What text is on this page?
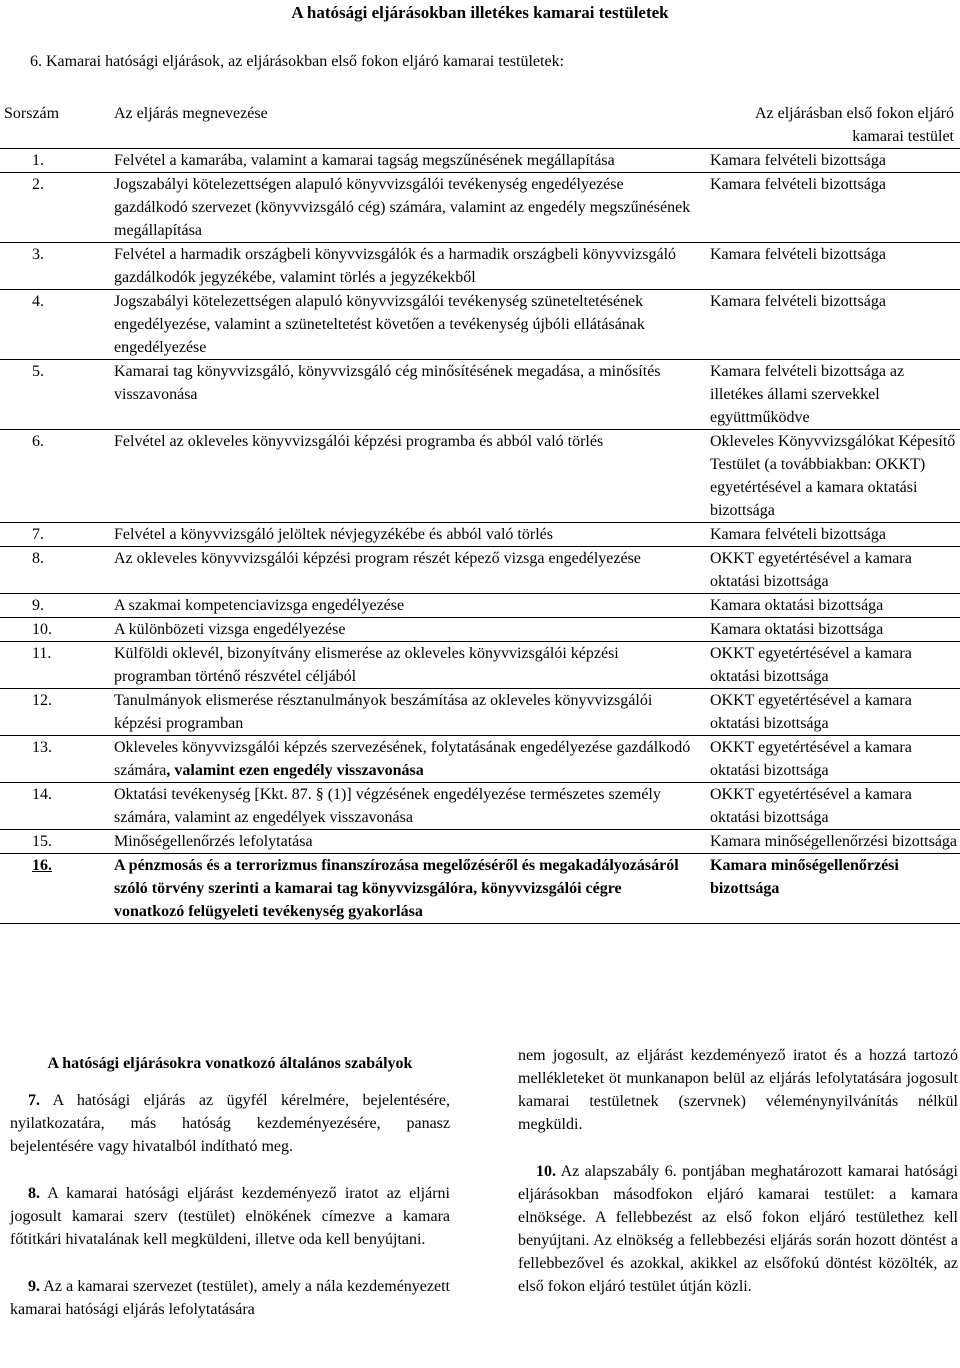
A hatósági eljárásokban illetékes kamarai testületek
6. Kamarai hatósági eljárások, az eljárásokban első fokon eljáró kamarai testületek:
Sorszám	Az eljárás megnevezése	Az eljárásban első fokon eljáró kamarai testület
1.	Felvétel a kamarába, valamint a kamarai tagság megszűnésének megállapítása	Kamara felvételi bizottsága
2.	Jogszabályi kötelezettségen alapuló könyvvizsgálói tevékenység engedélyezése gazdálkodó szervezet (könyvvizsgáló cég) számára, valamint az engedély megszűnésének megállapítása	Kamara felvételi bizottsága
3.	Felvétel a harmadik országbeli könyvvizsgálók és a harmadik országbeli könyvvizsgáló gazdálkodók jegyzékébe, valamint törlés a jegyzékekből	Kamara felvételi bizottsága
4.	Jogszabályi kötelezettségen alapuló könyvvizsgálói tevékenység szüneteltetésének engedélyezése, valamint a szüneteltetést követően a tevékenység újbóli ellátásának engedélyezése	Kamara felvételi bizottsága
5.	Kamarai tag könyvvizsgáló, könyvvizsgáló cég minősítésének megadása, a minősítés visszavonása	Kamara felvételi bizottsága az illetékes állami szervekkel együttműködve
6.	Felvétel az okleveles könyvvizsgálói képzési programba és abból való törlés	Okleveles Könyvvizsgálókat Képesítő Testület (a továbbiakban: OKKT) egyetértésével a kamara oktatási bizottsága
7.	Felvétel a könyvvizsgáló jelöltek névjegyzékébe és abból való törlés	Kamara felvételi bizottsága
8.	Az okleveles könyvvizsgálói képzési program részét képező vizsga engedélyezése	OKKT egyetértésével a kamara oktatási bizottsága
9.	A szakmai kompetenciavizsga engedélyezése	Kamara oktatási bizottsága
10.	A különbözeti vizsga engedélyezése	Kamara oktatási bizottsága
11.	Külföldi oklevél, bizonyítvány elismerése az okleveles könyvvizsgálói képzési programban történő részvétel céljából	OKKT egyetértésével a kamara oktatási bizottsága
12.	Tanulmányok elismerése résztanulmányok beszámítása az okleveles könyvvizsgálói képzési programban	OKKT egyetértésével a kamara oktatási bizottsága
13.	Okleveles könyvvizsgálói képzés szervezésének, folytatásának engedélyezése gazdálkodó számára, valamint ezen engedély visszavonása	OKKT egyetértésével a kamara oktatási bizottsága
14.	Oktatási tevékenység [Kkt. 87. § (1)] végzésének engedélyezése természetes személy számára, valamint az engedélyek visszavonása	OKKT egyetértésével a kamara oktatási bizottsága
15.	Minőségellenőrzés lefolytatása	Kamara minőségellenőrzési bizottsága
16.	A pénzmosás és a terrorizmus finanszírozása megelőzéséről és megakadályozásáról szóló törvény szerinti a kamarai tag könyvvizsgálóra, könyvvizsgálói cégre vonatkozó felügyeleti tevékenység gyakorlása	Kamara minőségellenőrzési bizottsága
A hatósági eljárásokra vonatkozó általános szabályok

7. A hatósági eljárás az ügyfél kérelmére, bejelentésére, nyilatkozatára, más hatóság kezdeményezésére, panasz bejelentésére vagy hivatalból indítható meg.

8. A kamarai hatósági eljárást kezdeményező iratot az eljárni jogosult kamarai szerv (testület) elnökének címezve a kamara főtitkári hivatalának kell megküldeni, illetve oda kell benyújtani.

9. Az a kamarai szervezet (testület), amely a nála kezdeményezett kamarai hatósági eljárás lefolytatására

nem jogosult, az eljárást kezdeményező iratot és a hozzá tartozó mellékleteket öt munkanapon belül az eljárás lefolytatására jogosult kamarai testületnek (szervnek) véleménynyilvánítás nélkül megküldi.

10. Az alapszabály 6. pontjában meghatározott kamarai hatósági eljárásokban másodfokon eljáró kamarai testület: a kamara elnöksége. A fellebbezést az első fokon eljáró testülethez kell benyújtani. Az elnökség a fellebbezési eljárás során hozott döntést a fellebbezővel és azokkal, akikkel az elsőfokú döntést közölték, az első fokon eljáró testület útján közli.
